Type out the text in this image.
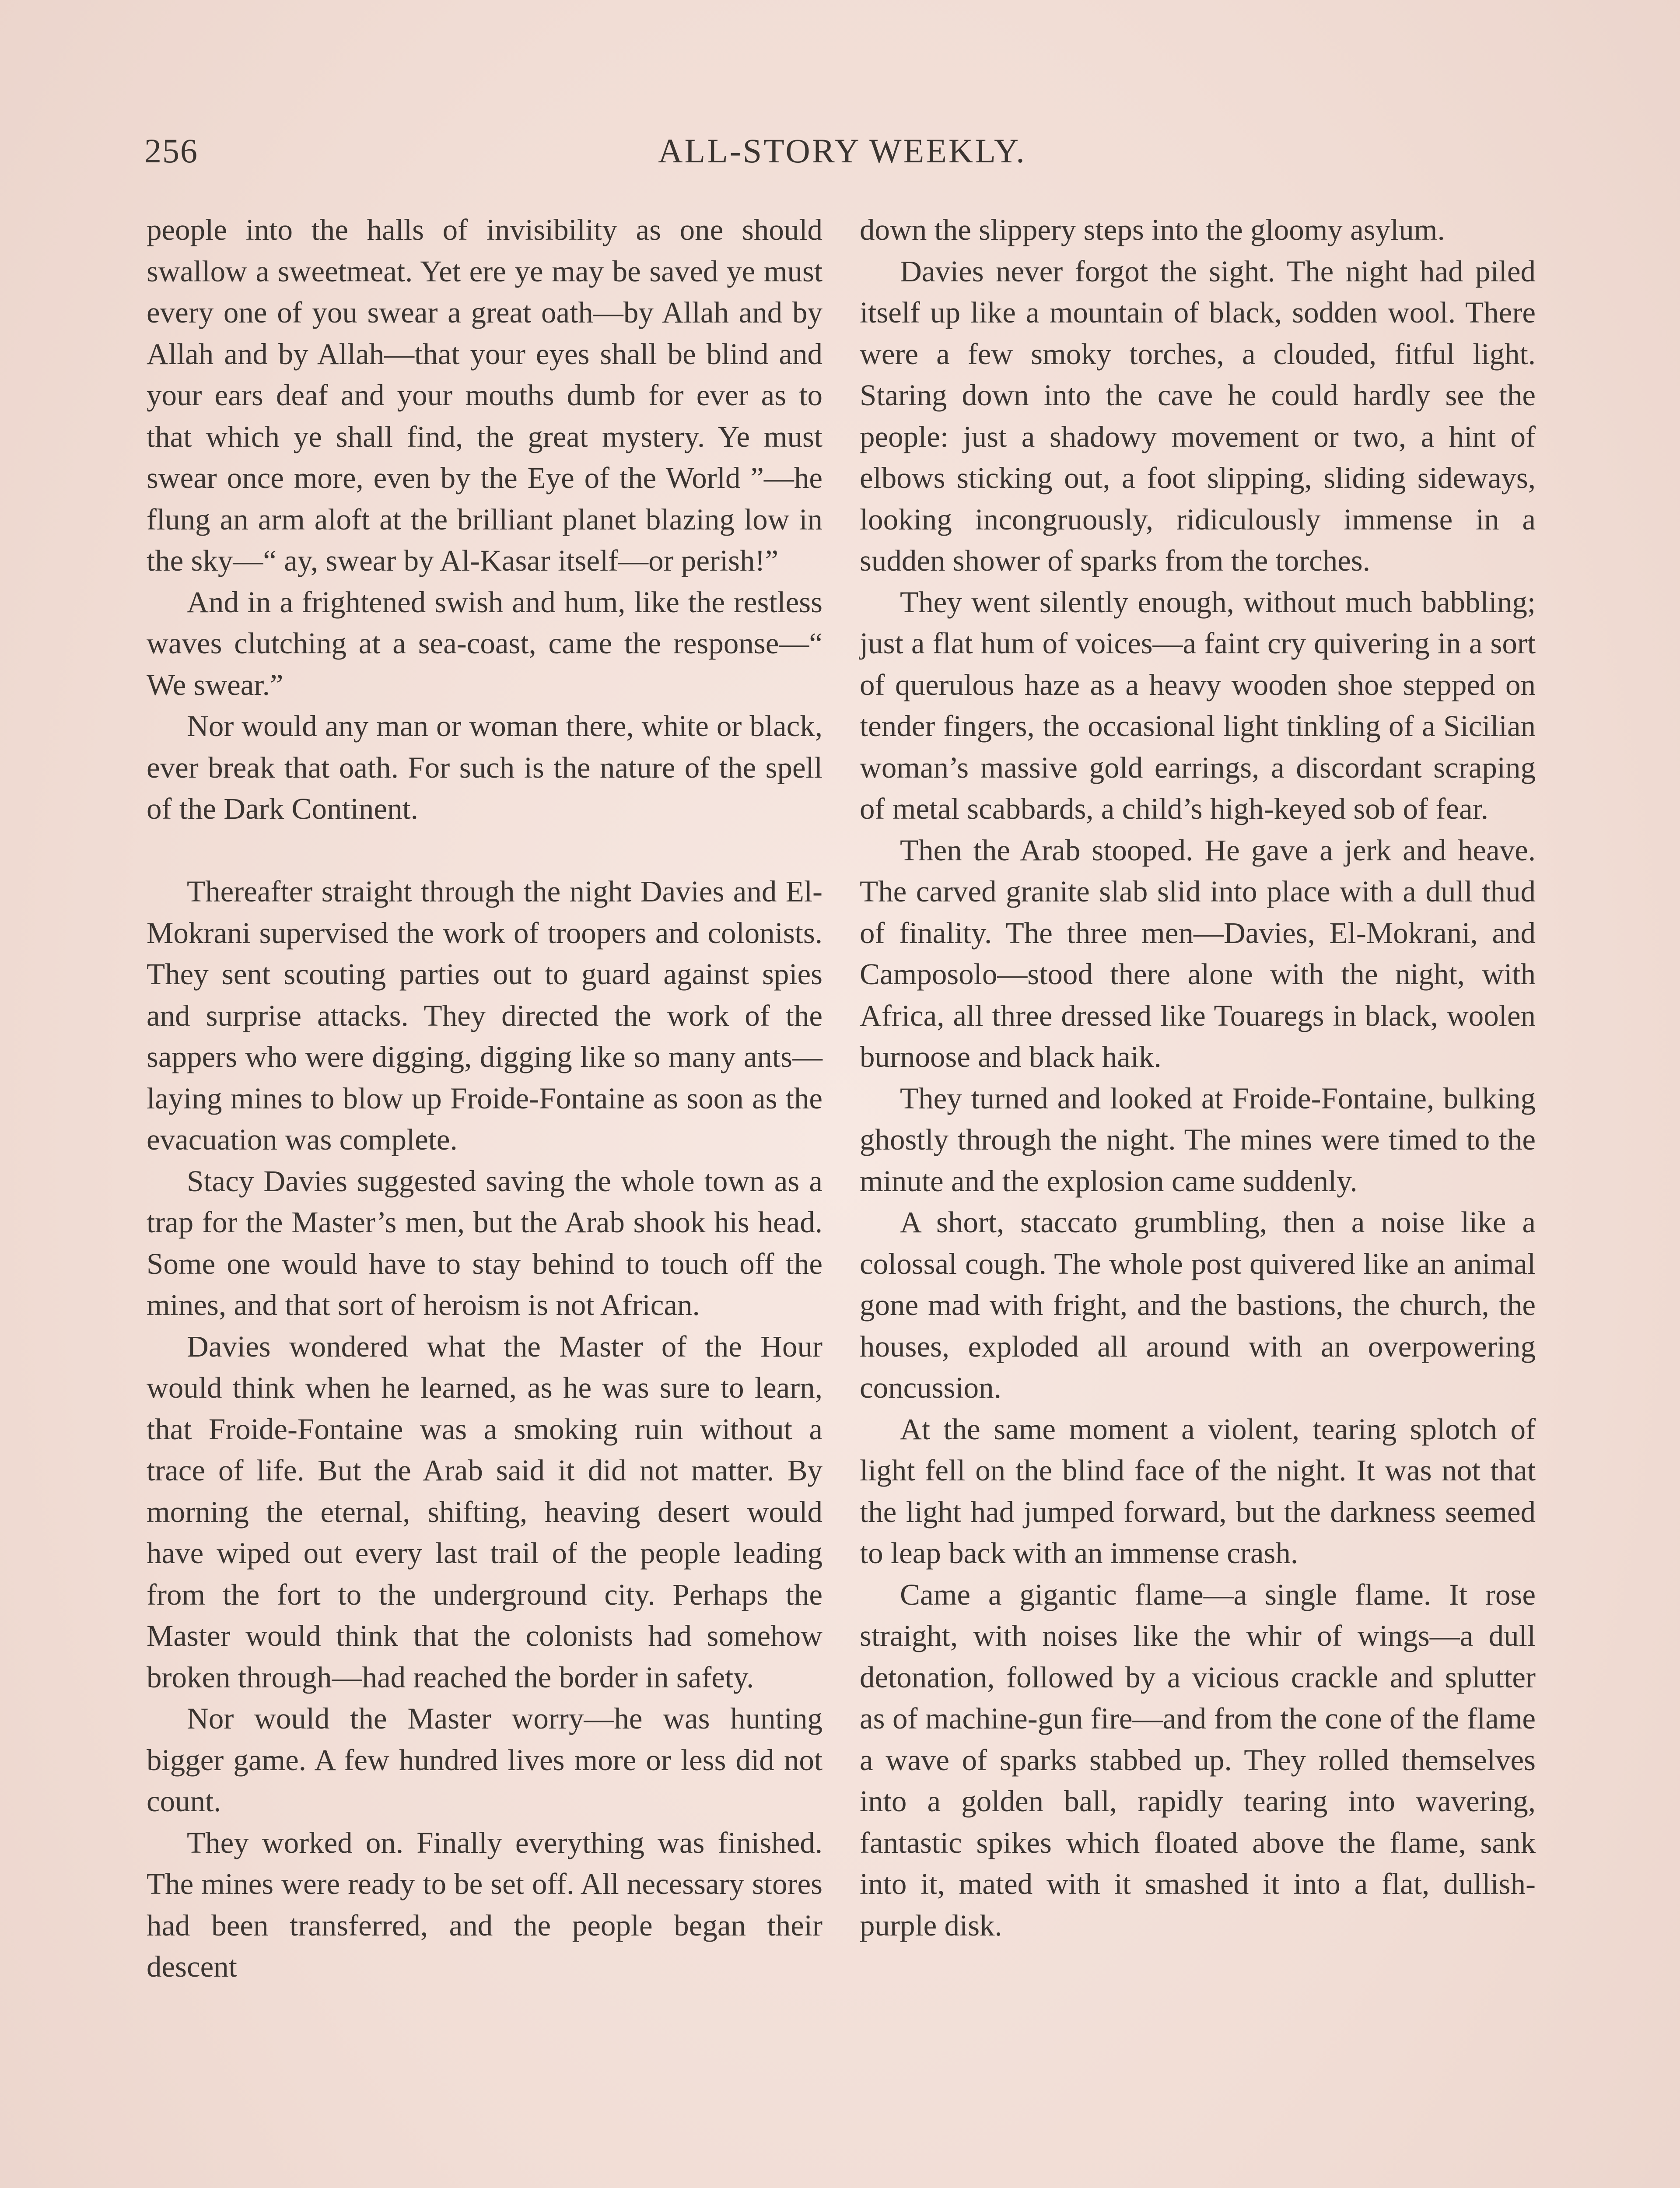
256	ALL-STORY WEEKLY.

people into the halls of invisibility as one should swallow a sweetmeat. Yet ere ye may be saved ye must every one of you swear a great oath—by Allah and by Allah and by Allah—that your eyes shall be blind and your ears deaf and your mouths dumb for ever as to that which ye shall find, the great mystery. Ye must swear once more, even by the Eye of the World ”—he flung an arm aloft at the brilliant planet blazing low in the sky—“ ay, swear by Al-Kasar itself—or perish!”

And in a frightened swish and hum, like the restless waves clutching at a sea-coast, came the response—“ We swear.”

Nor would any man or woman there, white or black, ever break that oath. For such is the nature of the spell of the Dark Continent.

Thereafter straight through the night Davies and El-Mokrani supervised the work of troopers and colonists. They sent scouting parties out to guard against spies and surprise attacks. They directed the work of the sappers who were digging, digging like so many ants—laying mines to blow up Froide-Fontaine as soon as the evacuation was complete.

Stacy Davies suggested saving the whole town as a trap for the Master’s men, but the Arab shook his head. Some one would have to stay behind to touch off the mines, and that sort of heroism is not African.

Davies wondered what the Master of the Hour would think when he learned, as he was sure to learn, that Froide-Fontaine was a smoking ruin without a trace of life. But the Arab said it did not matter. By morning the eternal, shifting, heaving desert would have wiped out every last trail of the people leading from the fort to the underground city. Perhaps the Master would think that the colonists had somehow broken through—had reached the border in safety.

Nor would the Master worry—he was hunting bigger game. A few hundred lives more or less did not count.

They worked on. Finally everything was finished. The mines were ready to be set off. All necessary stores had been transferred, and the people began their descent

down the slippery steps into the gloomy asylum.

Davies never forgot the sight. The night had piled itself up like a mountain of black, sodden wool. There were a few smoky torches, a clouded, fitful light. Staring down into the cave he could hardly see the people: just a shadowy movement or two, a hint of elbows sticking out, a foot slipping, sliding sideways, looking incongruously, ridiculously immense in a sudden shower of sparks from the torches.

They went silently enough, without much babbling; just a flat hum of voices—a faint cry quivering in a sort of querulous haze as a heavy wooden shoe stepped on tender fingers, the occasional light tinkling of a Sicilian woman’s massive gold earrings, a discordant scraping of metal scabbards, a child’s high-keyed sob of fear.

Then the Arab stooped. He gave a jerk and heave. The carved granite slab slid into place with a dull thud of finality. The three men—Davies, El-Mokrani, and Camposolo—stood there alone with the night, with Africa, all three dressed like Touaregs in black, woolen burnoose and black haik.

They turned and looked at Froide-Fontaine, bulking ghostly through the night. The mines were timed to the minute and the explosion came suddenly.

A short, staccato grumbling, then a noise like a colossal cough. The whole post quivered like an animal gone mad with fright, and the bastions, the church, the houses, exploded all around with an overpowering concussion.

At the same moment a violent, tearing splotch of light fell on the blind face of the night. It was not that the light had jumped forward, but the darkness seemed to leap back with an immense crash.

Came a gigantic flame—a single flame. It rose straight, with noises like the whir of wings—a dull detonation, followed by a vicious crackle and splutter as of machine-gun fire—and from the cone of the flame a wave of sparks stabbed up. They rolled themselves into a golden ball, rapidly tearing into wavering, fantastic spikes which floated above the flame, sank into it, mated with it smashed it into a flat, dullish-purple disk.
